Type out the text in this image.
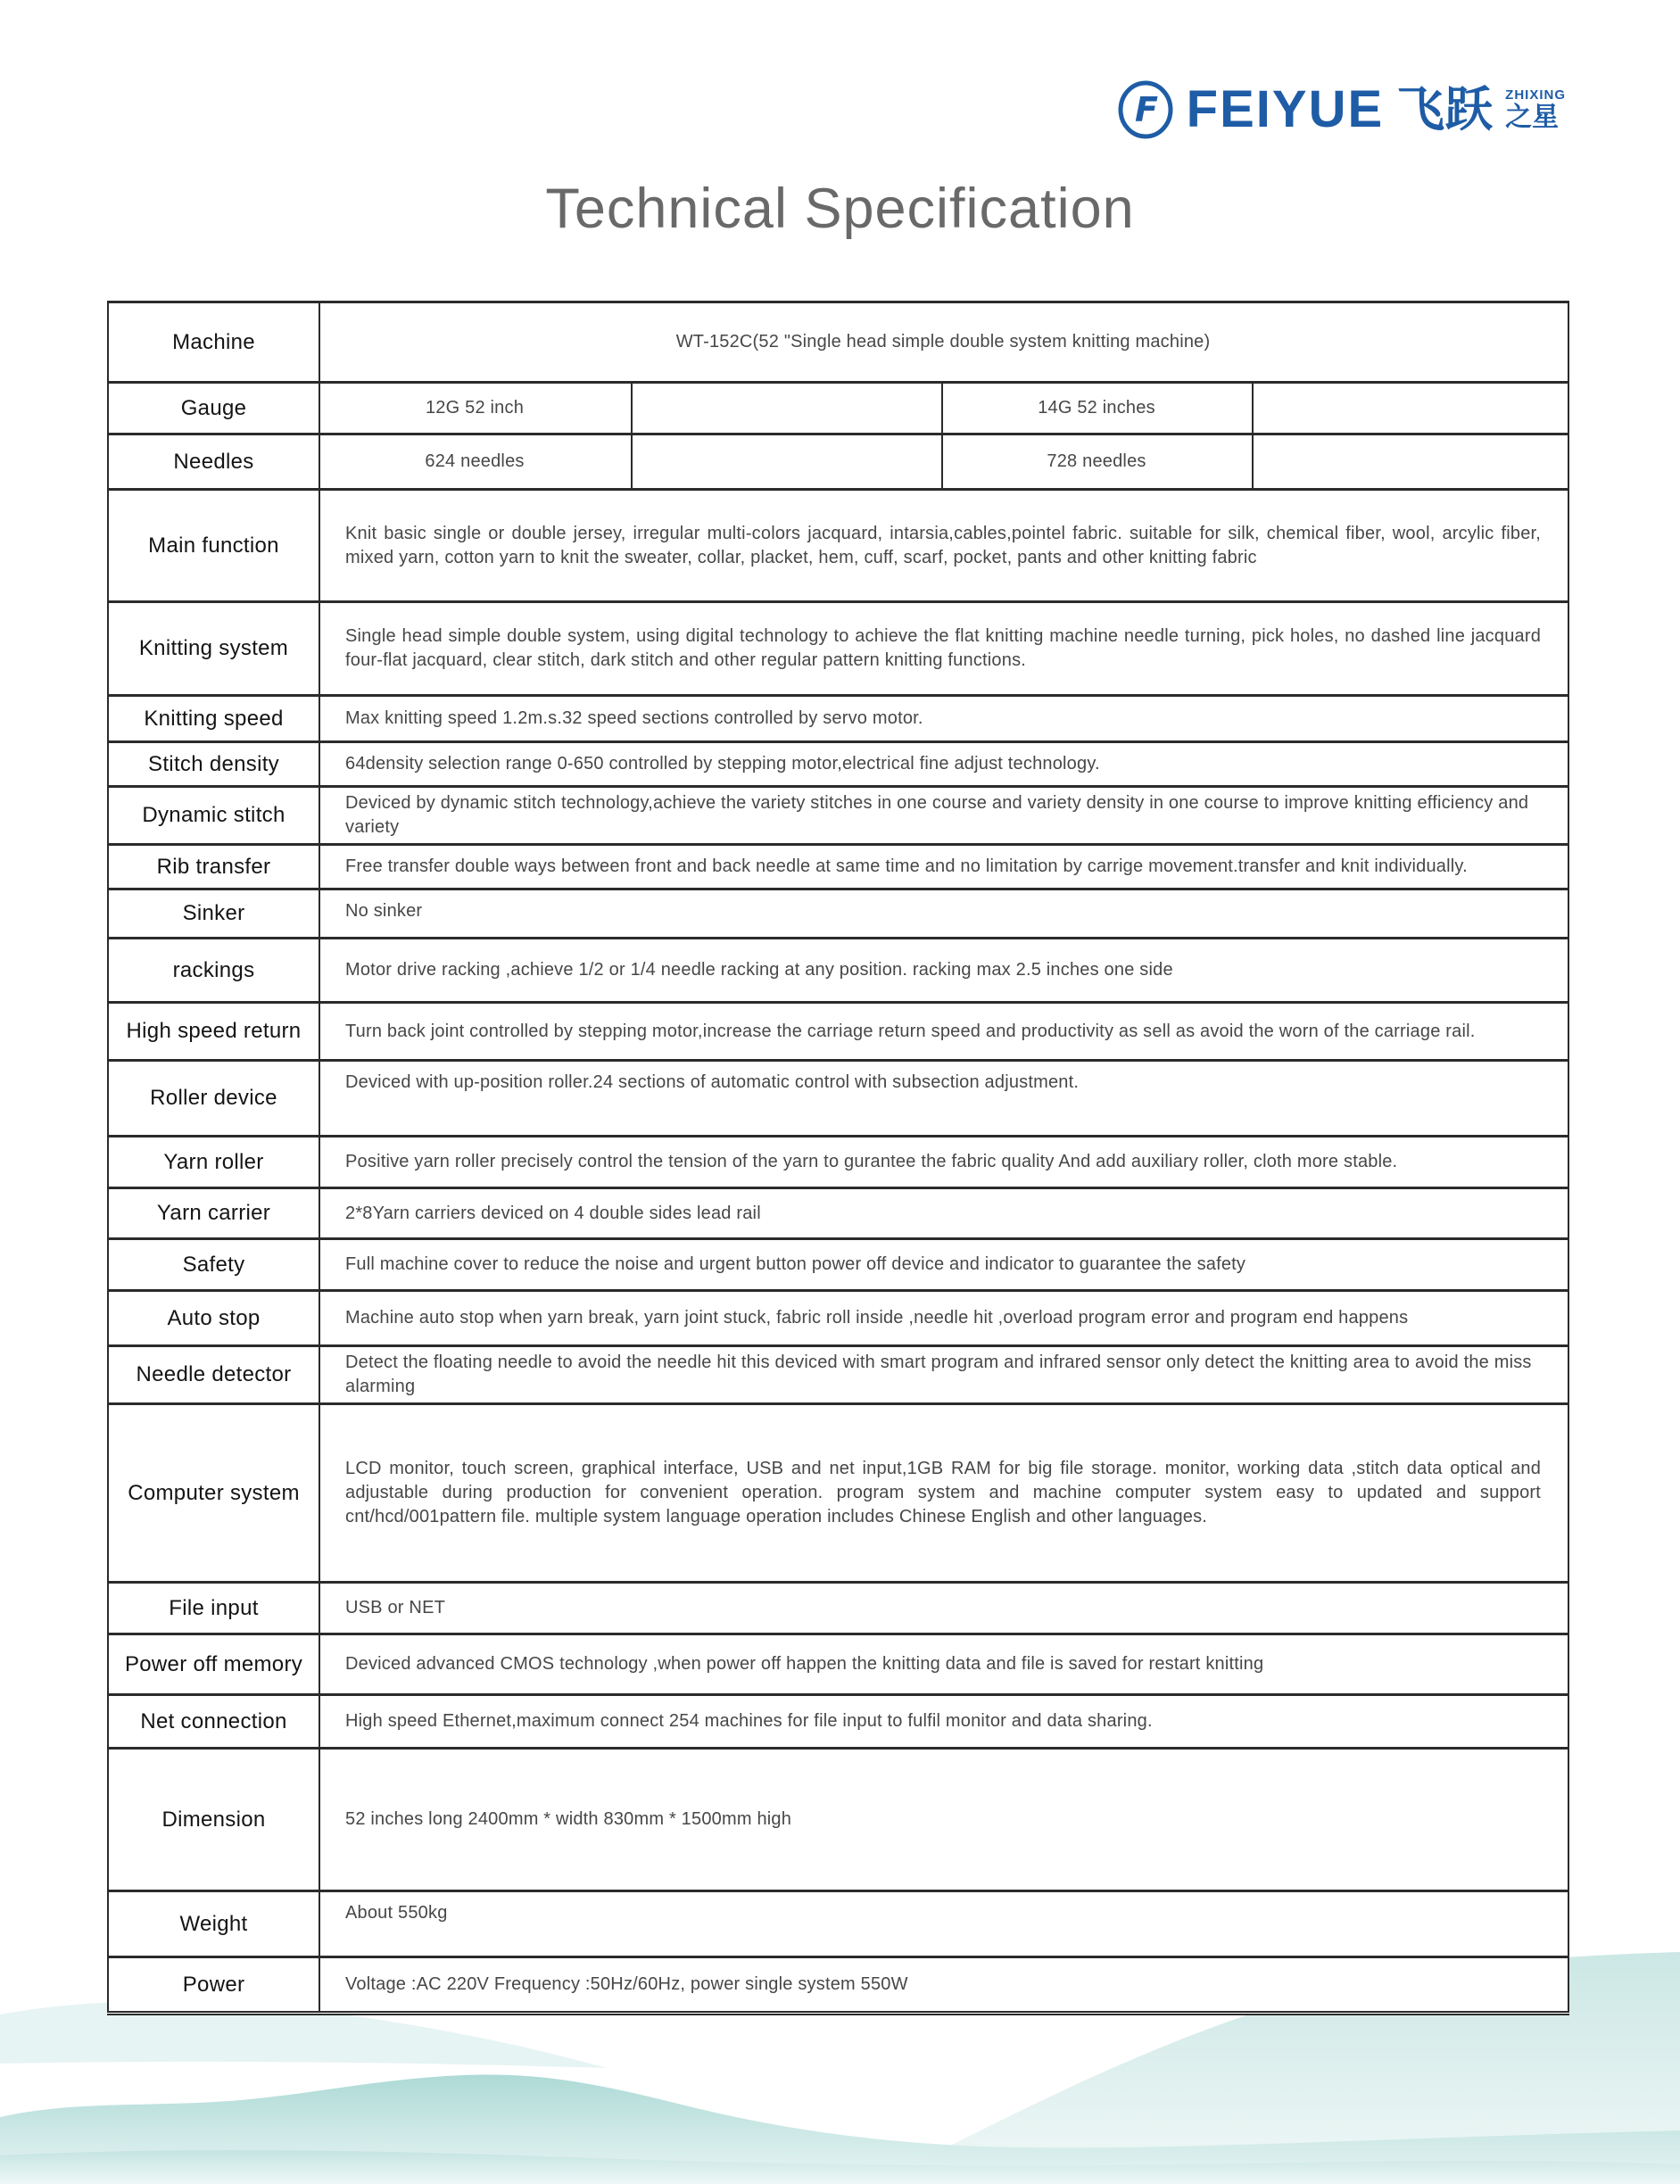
F FEIYUE 飞跃 ZHIXING
之星
Technical Specification
Machine	WT-152C(52 "Single head simple double system knitting machine)			
Gauge	12G 52 inch		14G 52 inches	
Needles	624 needles		728 needles	
Main function	Knit basic single or double jersey, irregular multi-colors jacquard, intarsia,cables,pointel fabric. suitable for silk, chemical fiber, wool, arcylic fiber, mixed yarn, cotton yarn to knit the sweater, collar, placket, hem, cuff, scarf, pocket, pants and other knitting fabric			
Knitting system	Single head simple double system, using digital technology to achieve the flat knitting machine needle turning, pick holes, no dashed line jacquard four-flat jacquard, clear stitch, dark stitch and other regular pattern knitting functions.			
Knitting speed	Max knitting speed 1.2m.s.32 speed sections controlled by servo motor.			
Stitch density	64density selection range 0-650 controlled by stepping motor,electrical fine adjust technology.			
Dynamic stitch	Deviced by dynamic stitch technology,achieve the variety stitches in one course and variety density in one course to improve knitting efficiency and variety			
Rib transfer	Free transfer double ways between front and back needle at same time and no limitation by carrige movement.transfer and knit individually.			
Sinker	No sinker			
rackings	Motor drive racking ,achieve 1/2 or 1/4 needle racking at any position. racking max 2.5 inches one side			
High speed return	Turn back joint controlled by stepping motor,increase the carriage return speed and productivity as sell as avoid the worn of the carriage rail.			
Roller device	Deviced with up-position roller.24 sections of automatic control with subsection adjustment.			
Yarn roller	Positive yarn roller precisely control the tension of the yarn to gurantee the fabric quality And add auxiliary roller, cloth more stable.			
Yarn carrier	2*8Yarn carriers deviced on 4 double sides lead rail			
Safety	Full machine cover to reduce the noise and urgent button power off device and indicator to guarantee the safety			
Auto stop	Machine auto stop when yarn break, yarn joint stuck, fabric roll inside ,needle hit ,overload program error and program end happens			
Needle detector	Detect the floating needle to avoid the needle hit this deviced with smart program and infrared sensor only detect the knitting area to avoid the miss alarming			
Computer system	LCD monitor, touch screen, graphical interface, USB and net input,1GB RAM for big file storage. monitor, working data ,stitch data optical and adjustable during production for convenient operation. program system and machine computer system easy to updated and support cnt/hcd/001pattern file. multiple system language operation includes Chinese English and other languages.			
File input	USB or NET			
Power off memory	Deviced advanced CMOS technology ,when power off happen the knitting data and file is saved for restart knitting			
Net connection	High speed Ethernet,maximum connect 254 machines for file input to fulfil monitor and data sharing.			
Dimension	52 inches long 2400mm * width 830mm * 1500mm high			
Weight	About 550kg			
Power	Voltage :AC 220V Frequency :50Hz/60Hz, power single system 550W			
